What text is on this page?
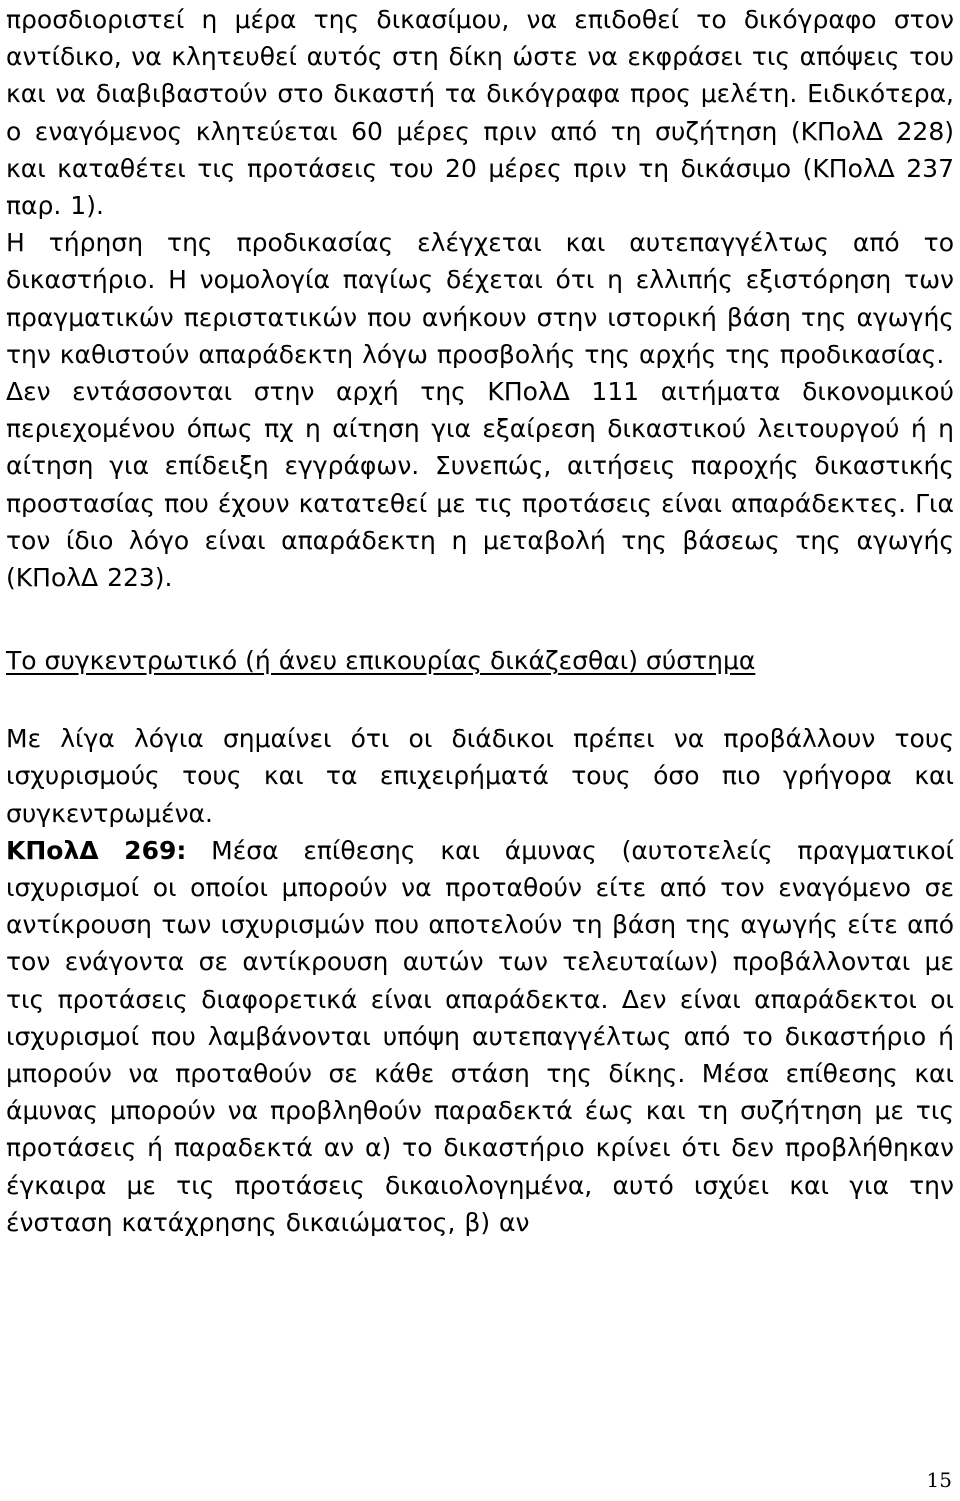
προσδιοριστεί η μέρα της δικασίμου, να επιδοθεί το δικόγραφο στον αντίδικο, να κλητευθεί αυτός στη δίκη ώστε να εκφράσει τις απόψεις του και να διαβιβαστούν στο δικαστή τα δικόγραφα προς μελέτη. Ειδικότερα, ο εναγόμενος κλητεύεται 60 μέρες πριν από τη συζήτηση (ΚΠολΔ 228) και καταθέτει τις προτάσεις του 20 μέρες πριν τη δικάσιμο (ΚΠολΔ 237 παρ. 1).

Η τήρηση της προδικασίας ελέγχεται και αυτεπαγγέλτως από το δικαστήριο. Η νομολογία παγίως δέχεται ότι η ελλιπής εξιστόρηση των πραγματικών περιστατικών που ανήκουν στην ιστορική βάση της αγωγής την καθιστούν απαράδεκτη λόγω προσβολής της αρχής της προδικασίας.

Δεν εντάσσονται στην αρχή της ΚΠολΔ 111 αιτήματα δικονομικού περιεχομένου όπως πχ η αίτηση για εξαίρεση δικαστικού λειτουργού ή η αίτηση για επίδειξη εγγράφων. Συνεπώς, αιτήσεις παροχής δικαστικής προστασίας που έχουν κατατεθεί με τις προτάσεις είναι απαράδεκτες. Για τον ίδιο λόγο είναι απαράδεκτη η μεταβολή της βάσεως της αγωγής (ΚΠολΔ 223).

Το συγκεντρωτικό (ή άνευ επικουρίας δικάζεσθαι) σύστημα

Με λίγα λόγια σημαίνει ότι οι διάδικοι πρέπει να προβάλλουν τους ισχυρισμούς τους και τα επιχειρήματά τους όσο πιο γρήγορα και συγκεντρωμένα.

ΚΠολΔ 269: Μέσα επίθεσης και άμυνας (αυτοτελείς πραγματικοί ισχυρισμοί οι οποίοι μπορούν να προταθούν είτε από τον εναγόμενο σε αντίκρουση των ισχυρισμών που αποτελούν τη βάση της αγωγής είτε από τον ενάγοντα σε αντίκρουση αυτών των τελευταίων) προβάλλονται με τις προτάσεις διαφορετικά είναι απαράδεκτα. Δεν είναι απαράδεκτοι οι ισχυρισμοί που λαμβάνονται υπόψη αυτεπαγγέλτως από το δικαστήριο ή μπορούν να προταθούν σε κάθε στάση της δίκης. Μέσα επίθεσης και άμυνας μπορούν να προβληθούν παραδεκτά έως και τη συζήτηση με τις προτάσεις ή παραδεκτά αν α) το δικαστήριο κρίνει ότι δεν προβλήθηκαν έγκαιρα με τις προτάσεις δικαιολογημένα, αυτό ισχύει και για την ένσταση κατάχρησης δικαιώματος, β) αν

15
